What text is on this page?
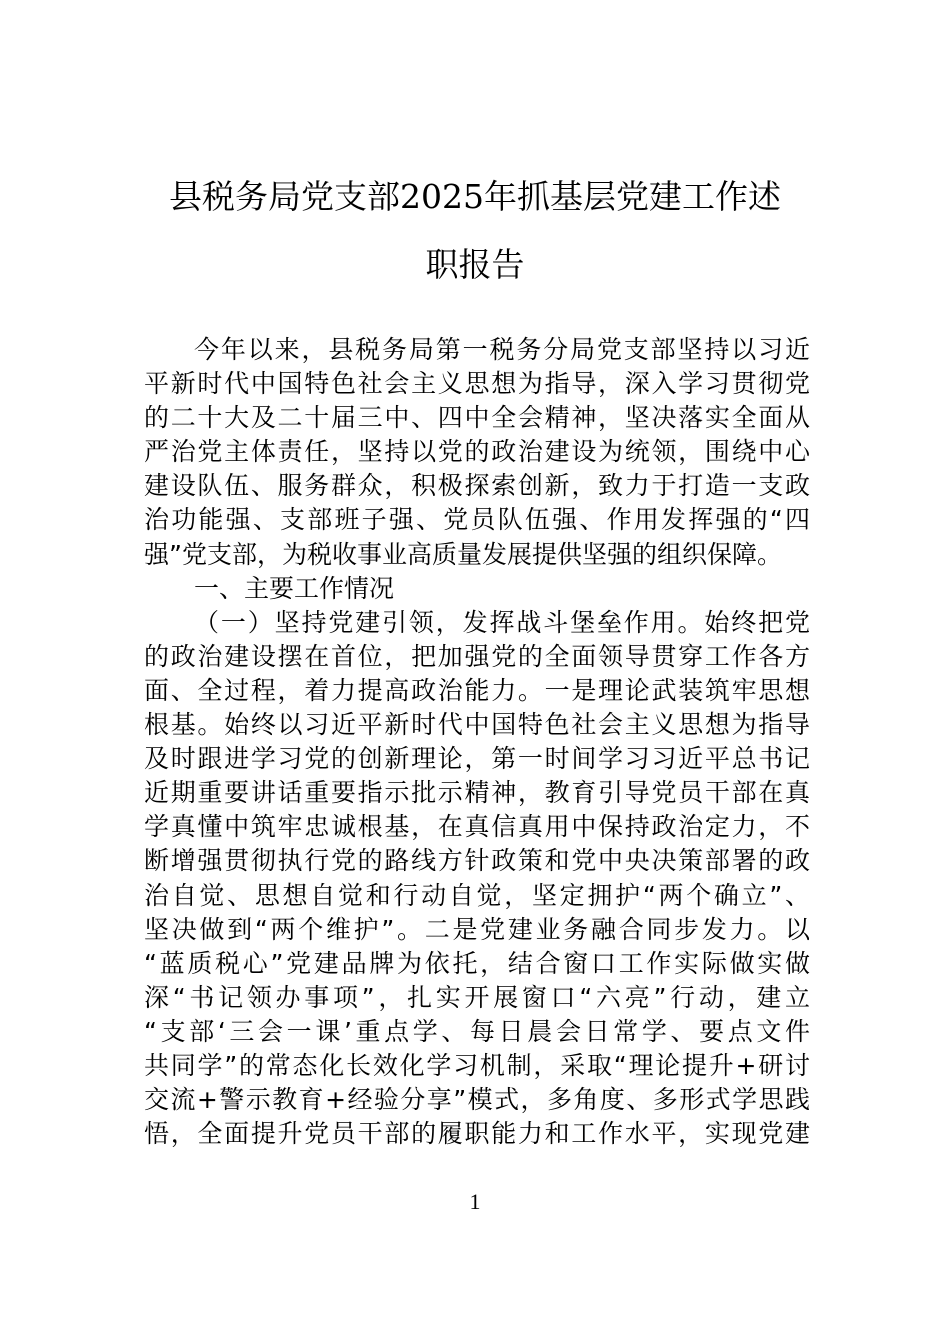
县税务局党支部2025年抓基层党建工作述
职报告
今年以来，县税务局第一税务分局党支部坚持以习近
平新时代中国特色社会主义思想为指导，深入学习贯彻党
的二十大及二十届三中、四中全会精神，坚决落实全面从
严治党主体责任，坚持以党的政治建设为统领，围绕中心
建设队伍、服务群众，积极探索创新，致力于打造一支政
治功能强、支部班子强、党员队伍强、作用发挥强的“四
强”党支部，为税收事业高质量发展提供坚强的组织保障。
一、主要工作情况
（一）坚持党建引领，发挥战斗堡垒作用。始终把党
的政治建设摆在首位，把加强党的全面领导贯穿工作各方
面、全过程，着力提高政治能力。一是理论武装筑牢思想
根基。始终以习近平新时代中国特色社会主义思想为指导
及时跟进学习党的创新理论，第一时间学习习近平总书记
近期重要讲话重要指示批示精神，教育引导党员干部在真
学真懂中筑牢忠诚根基，在真信真用中保持政治定力，不
断增强贯彻执行党的路线方针政策和党中央决策部署的政
治自觉、思想自觉和行动自觉，坚定拥护“两个确立”、
坚决做到“两个维护”。二是党建业务融合同步发力。以
“蓝质税心”党建品牌为依托，结合窗口工作实际做实做
深“书记领办事项”，扎实开展窗口“六亮”行动，建立
“支部‘三会一课’重点学、每日晨会日常学、要点文件
共同学”的常态化长效化学习机制，采取“理论提升+研讨
交流+警示教育+经验分享”模式，多角度、多形式学思践
悟，全面提升党员干部的履职能力和工作水平，实现党建
1
